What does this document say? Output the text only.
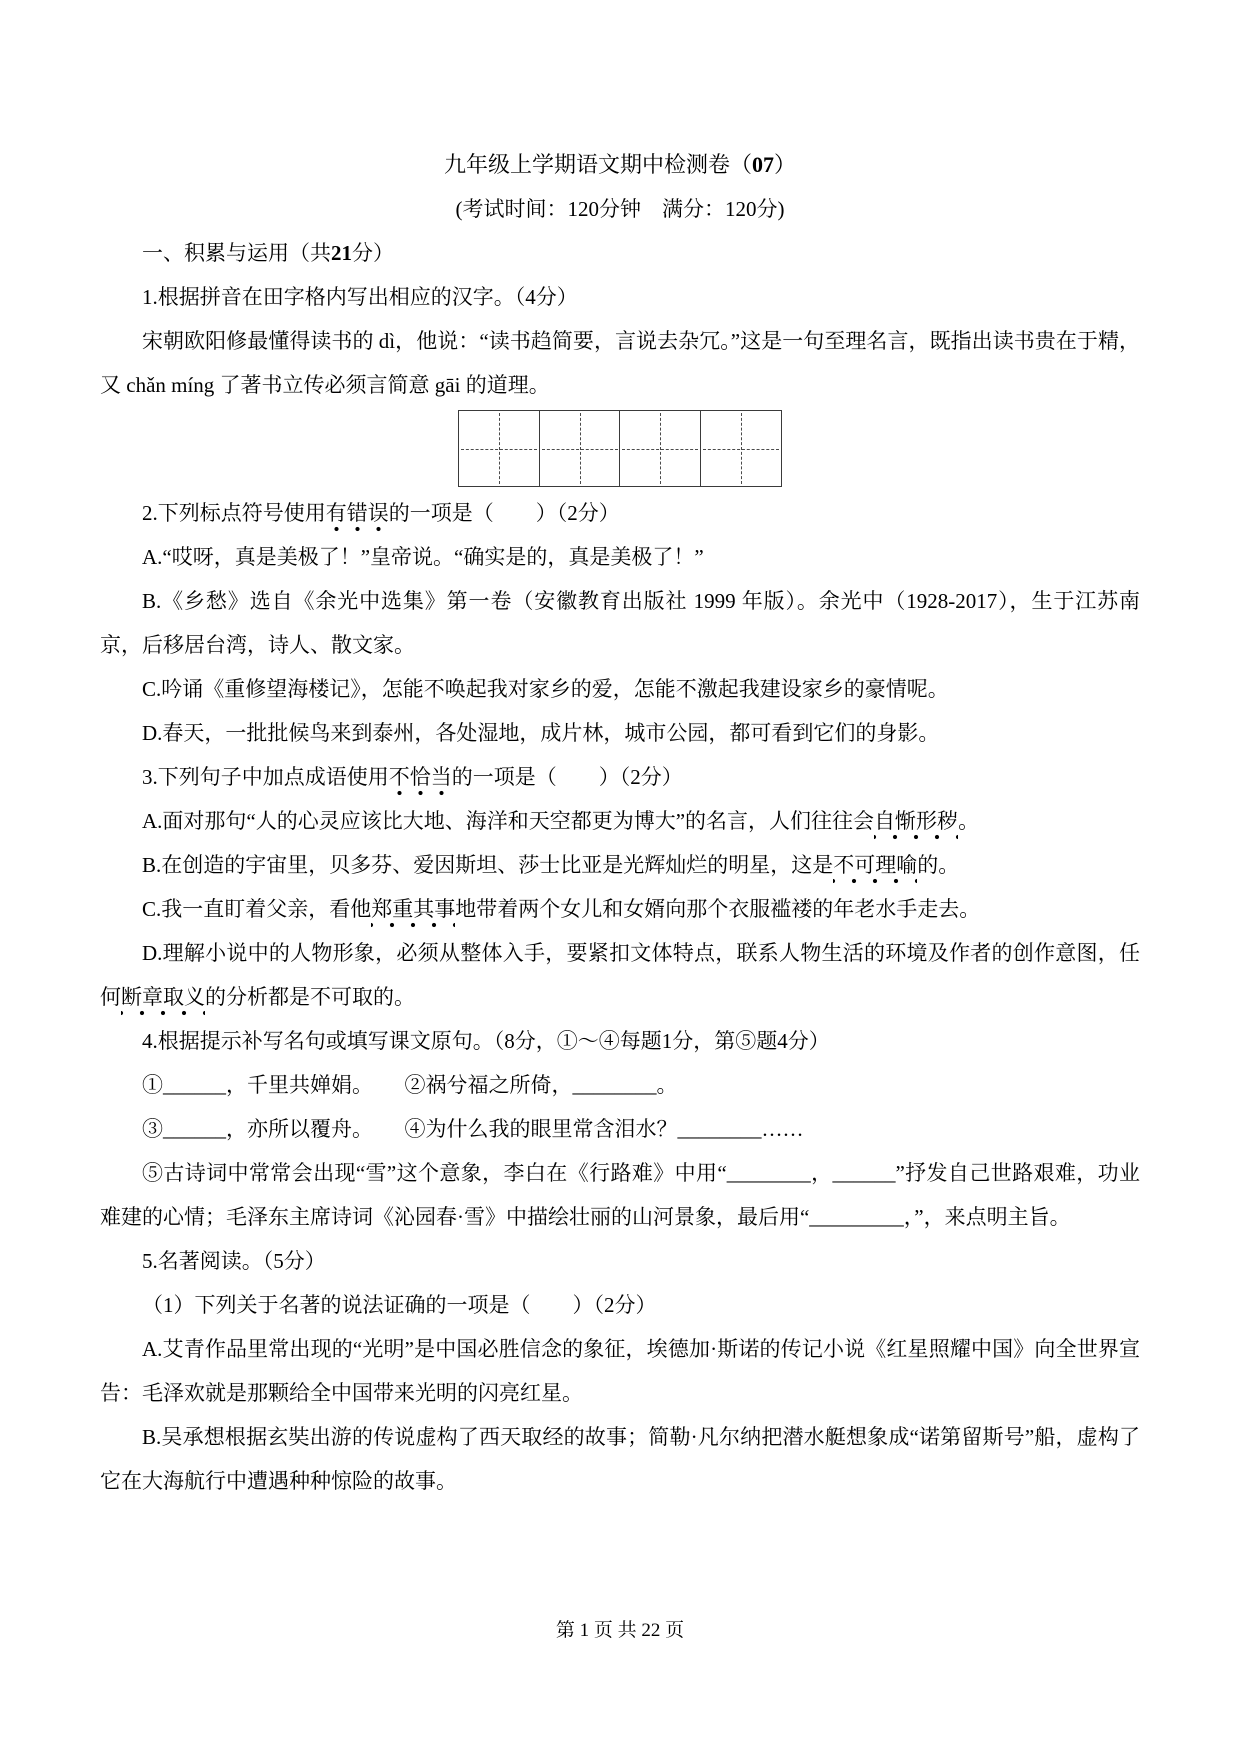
九年级上学期语文期中检测卷（07）

(考试时间：120分钟　满分：120分)

一、积累与运用（共21分）

1.根据拼音在田字格内写出相应的汉字。（4分）

宋朝欧阳修最懂得读书的 dì，他说：“读书趋简要，言说去杂冗。”这是一句至理名言，既指出读书贵在于精，又 chǎn míng 了著书立传必须言简意 gāi 的道理。

2.下列标点符号使用有错误的一项是（　　）（2分）

A.“哎呀，真是美极了！”皇帝说。“确实是的，真是美极了！”

B.《乡愁》选自《余光中选集》第一卷（安徽教育出版社 1999 年版）。余光中（1928-2017），生于江苏南京，后移居台湾，诗人、散文家。

C.吟诵《重修望海楼记》，怎能不唤起我对家乡的爱，怎能不激起我建设家乡的豪情呢。

D.春天，一批批候鸟来到泰州，各处湿地，成片林，城市公园，都可看到它们的身影。

3.下列句子中加点成语使用不恰当的一项是（　　）（2分）

A.面对那句“人的心灵应该比大地、海洋和天空都更为博大”的名言，人们往往会自惭形秽。

B.在创造的宇宙里，贝多芬、爱因斯坦、莎士比亚是光辉灿烂的明星，这是不可理喻的。

C.我一直盯着父亲，看他郑重其事地带着两个女儿和女婿向那个衣服褴褛的年老水手走去。

D.理解小说中的人物形象，必须从整体入手，要紧扣文体特点，联系人物生活的环境及作者的创作意图，任何断章取义的分析都是不可取的。

4.根据提示补写名句或填写课文原句。（8分，①～④每题1分，第⑤题4分）

①______，千里共婵娟。　　②祸兮福之所倚，________。

③______，亦所以覆舟。　　④为什么我的眼里常含泪水？________……

⑤古诗词中常常会出现“雪”这个意象，李白在《行路难》中用“________，______”抒发自己世路艰难，功业难建的心情；毛泽东主席诗词《沁园春·雪》中描绘壮丽的山河景象，最后用“_________，”，来点明主旨。

5.名著阅读。（5分）

（1）下列关于名著的说法证确的一项是（　　）（2分）

A.艾青作品里常出现的“光明”是中国必胜信念的象征，埃德加·斯诺的传记小说《红星照耀中国》向全世界宣告：毛泽欢就是那颗给全中国带来光明的闪亮红星。

B.吴承想根据玄奘出游的传说虚构了西天取经的故事；简勒·凡尔纳把潜水艇想象成“诺第留斯号”船，虚构了它在大海航行中遭遇种种惊险的故事。

第 1 页 共 22 页
